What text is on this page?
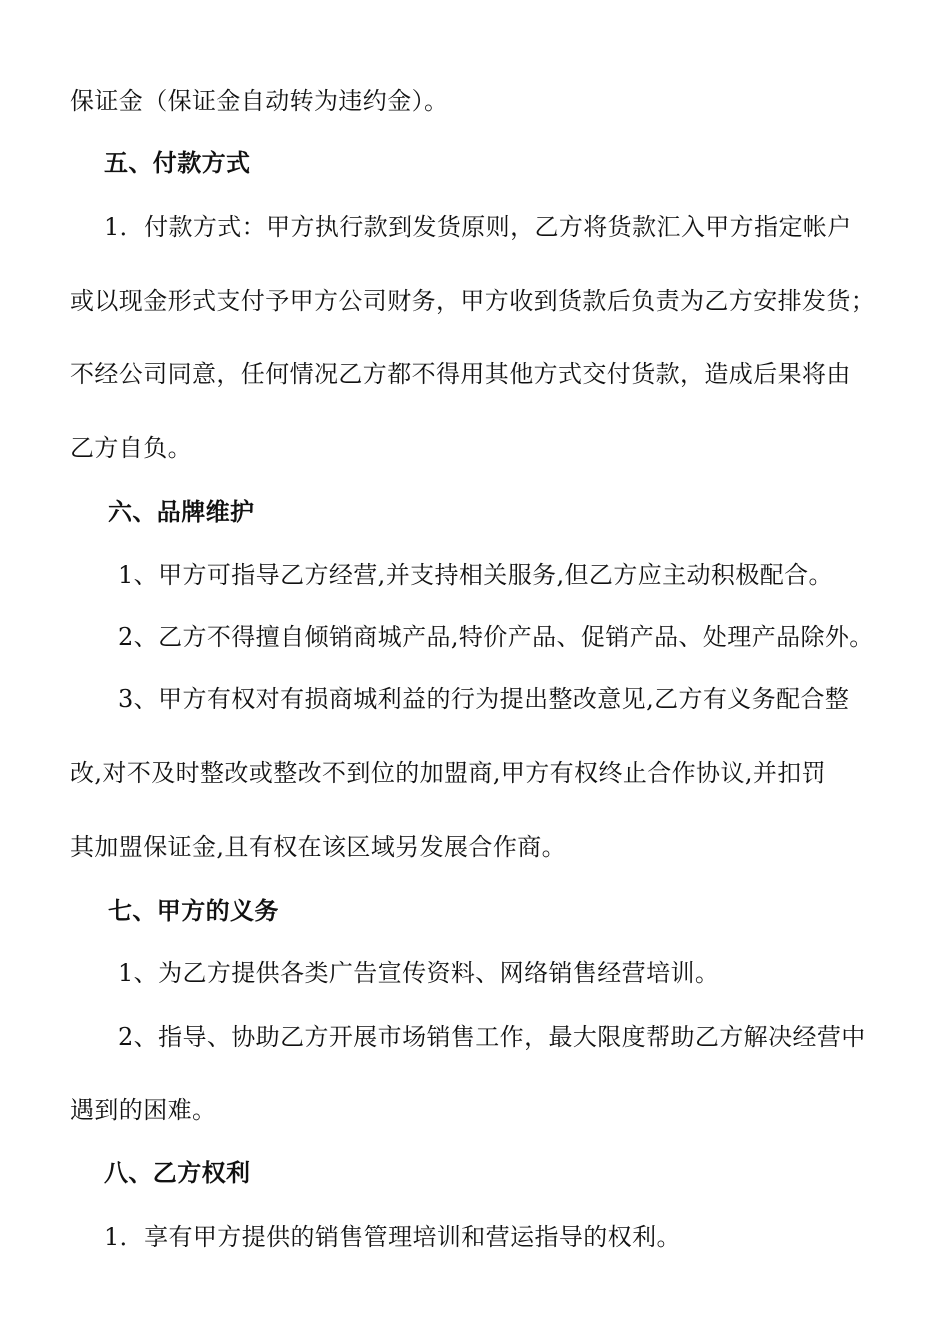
保证金（保证金自动转为违约金）。
五、付款方式
1．付款方式：甲方执行款到发货原则，乙方将货款汇入甲方指定帐户
或以现金形式支付予甲方公司财务，甲方收到货款后负责为乙方安排发货；
不经公司同意，任何情况乙方都不得用其他方式交付货款，造成后果将由
乙方自负。
六、品牌维护
1、甲方可指导乙方经营,并支持相关服务,但乙方应主动积极配合。
2、乙方不得擅自倾销商城产品,特价产品、促销产品、处理产品除外。
3、甲方有权对有损商城利益的行为提出整改意见,乙方有义务配合整
改,对不及时整改或整改不到位的加盟商,甲方有权终止合作协议,并扣罚
其加盟保证金,且有权在该区域另发展合作商。
七、甲方的义务
1、为乙方提供各类广告宣传资料、网络销售经营培训。
2、指导、协助乙方开展市场销售工作，最大限度帮助乙方解决经营中
遇到的困难。
八、乙方权利
1．享有甲方提供的销售管理培训和营运指导的权利。
